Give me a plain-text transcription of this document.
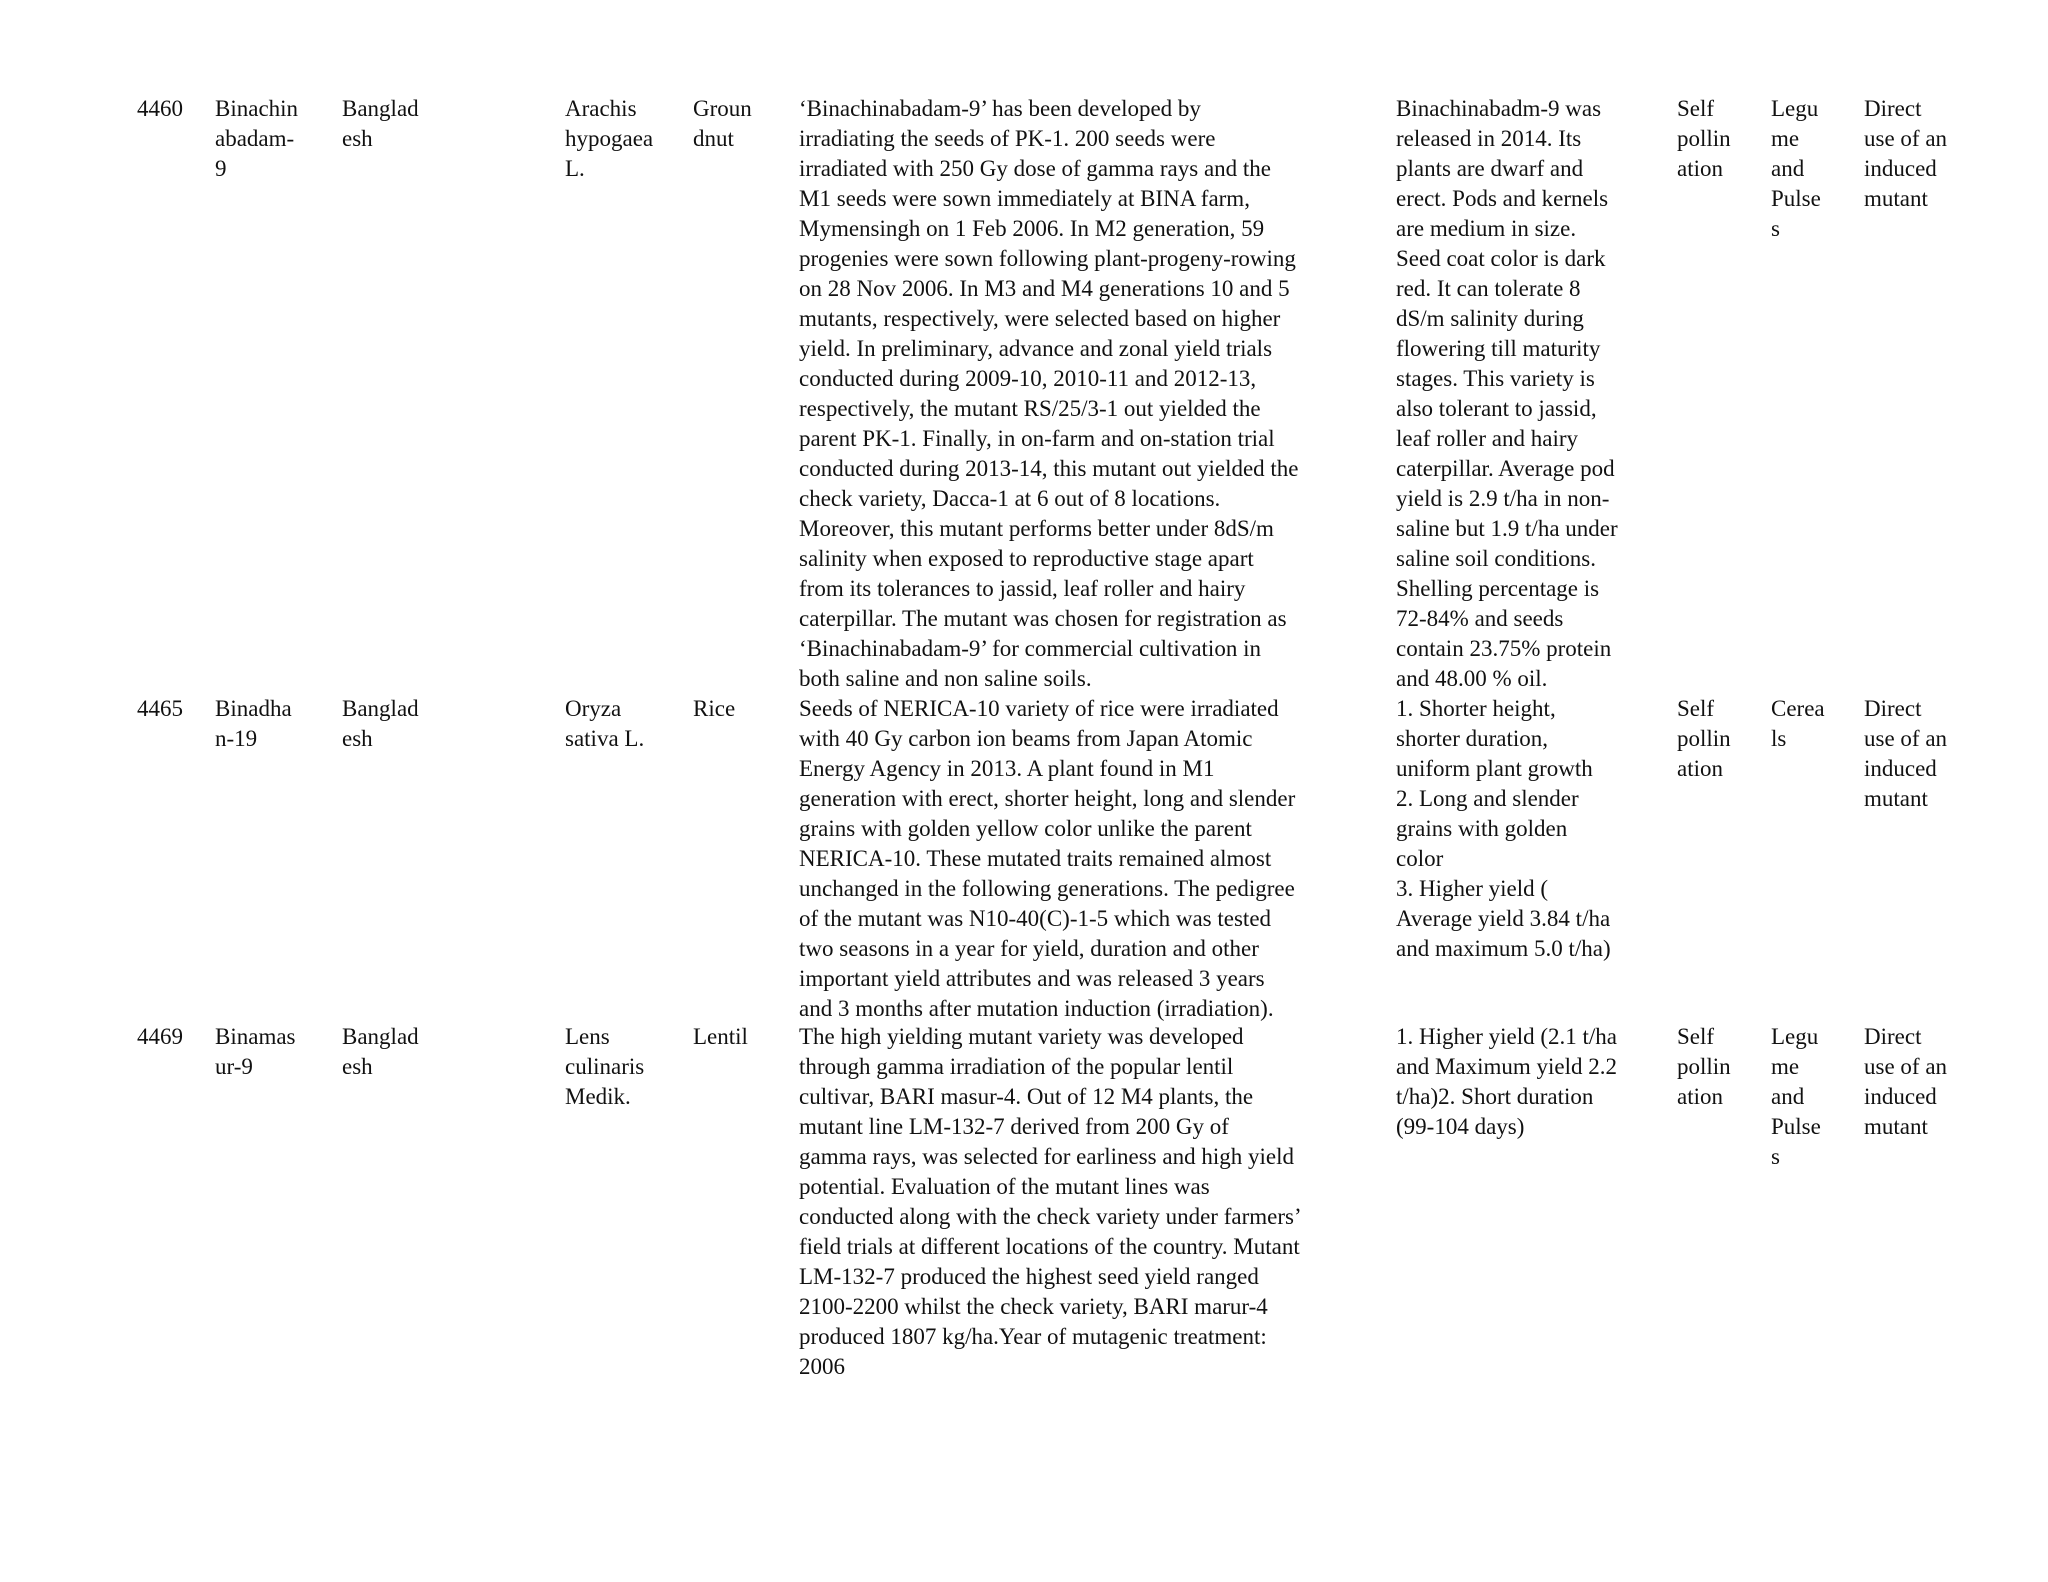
4460 Binachin
abadam-
9
Banglad
esh
Arachis
hypogaea
L.
Groun
dnut
‘Binachinabadam-9’ has been developed by
irradiating the seeds of PK-1. 200 seeds were
irradiated with 250 Gy dose of gamma rays and the
M1 seeds were sown immediately at BINA farm,
Mymensingh on 1 Feb 2006. In M2 generation, 59
progenies were sown following plant-progeny-rowing
on 28 Nov 2006. In M3 and M4 generations 10 and 5
mutants, respectively, were selected based on higher
yield. In preliminary, advance and zonal yield trials
conducted during 2009-10, 2010-11 and 2012-13,
respectively, the mutant RS/25/3-1 out yielded the
parent PK-1. Finally, in on-farm and on-station trial
conducted during 2013-14, this mutant out yielded the
check variety, Dacca-1 at 6 out of 8 locations.
Moreover, this mutant performs better under 8dS/m
salinity when exposed to reproductive stage apart
from its tolerances to jassid, leaf roller and hairy
caterpillar. The mutant was chosen for registration as
‘Binachinabadam-9’ for commercial cultivation in
both saline and non saline soils.
Binachinabadm-9 was
released in 2014. Its
plants are dwarf and
erect. Pods and kernels
are medium in size.
Seed coat color is dark
red. It can tolerate 8
dS/m salinity during
flowering till maturity
stages. This variety is
also tolerant to jassid,
leaf roller and hairy
caterpillar. Average pod
yield is 2.9 t/ha in non-
saline but 1.9 t/ha under
saline soil conditions.
Shelling percentage is
72-84% and seeds
contain 23.75% protein
and 48.00 % oil.
Self
pollin
ation
Legu
me
and
Pulse
s
Direct
use of an
induced
mutant
4465 Binadha
n-19
Banglad
esh
Oryza
sativa L.
Rice	Seeds of NERICA-10 variety of rice were irradiated
with 40 Gy carbon ion beams from Japan Atomic
Energy Agency in 2013. A plant found in M1
generation with erect, shorter height, long and slender
grains with golden yellow color unlike the parent
NERICA-10. These mutated traits remained almost
unchanged in the following generations. The pedigree
of the mutant was N10-40(C)-1-5 which was tested
two seasons in a year for yield, duration and other
important yield attributes and was released 3 years
and 3 months after mutation induction (irradiation).
1. Shorter height,
shorter duration,
uniform plant growth
2. Long and slender
grains with golden
color
3. Higher yield (
Average yield 3.84 t/ha
and maximum 5.0 t/ha)
Self
pollin
ation
Cerea
ls
Direct
use of an
induced
mutant
4469 Binamas
ur-9
Banglad
esh
Lens
culinaris
Medik.
Lentil The high yielding mutant variety was developed
through gamma irradiation of the popular lentil
cultivar, BARI masur-4. Out of 12 M4 plants, the
mutant line LM-132-7 derived from 200 Gy of
gamma rays, was selected for earliness and high yield
potential. Evaluation of the mutant lines was
conducted along with the check variety under farmers’
field trials at different locations of the country. Mutant
LM-132-7 produced the highest seed yield ranged
2100-2200 whilst the check variety, BARI marur-4
produced 1807 kg/ha.Year of mutagenic treatment:
2006
1. Higher yield (2.1 t/ha
and Maximum yield 2.2
t/ha)2. Short duration
(99-104 days)
Self
pollin
ation
Legu
me
and
Pulse
s
Direct
use of an
induced
mutant
